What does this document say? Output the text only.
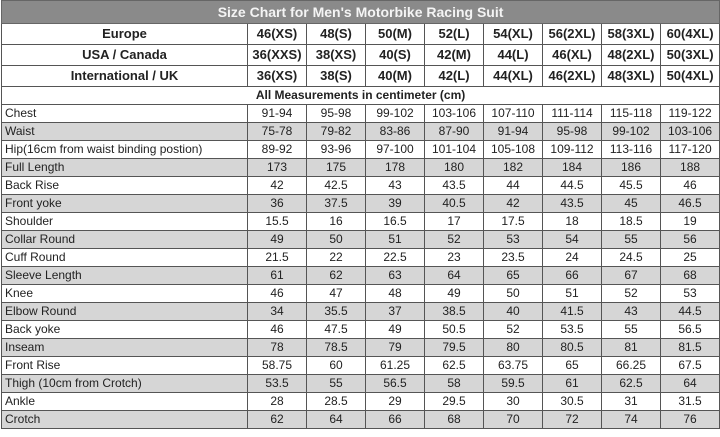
Size Chart for Men's Motorbike Racing Suit								
Europe	46(XS)	48(S)	50(M)	52(L)	54(XL)	56(2XL)	58(3XL)	60(4XL)
USA / Canada	36(XXS)	38(XS)	40(S)	42(M)	44(L)	46(XL)	48(2XL)	50(3XL)
International / UK	36(XS)	38(S)	40(M)	42(L)	44(XL)	46(2XL)	48(3XL)	50(4XL)
All Measurements in centimeter (cm)								
Chest	91-94	95-98	99-102	103-106	107-110	111-114	115-118	119-122
Waist	75-78	79-82	83-86	87-90	91-94	95-98	99-102	103-106
Hip(16cm from waist binding postion)	89-92	93-96	97-100	101-104	105-108	109-112	113-116	117-120
Full Length	173	175	178	180	182	184	186	188
Back Rise	42	42.5	43	43.5	44	44.5	45.5	46
Front yoke	36	37.5	39	40.5	42	43.5	45	46.5
Shoulder	15.5	16	16.5	17	17.5	18	18.5	19
Collar Round	49	50	51	52	53	54	55	56
Cuff Round	21.5	22	22.5	23	23.5	24	24.5	25
Sleeve Length	61	62	63	64	65	66	67	68
Knee	46	47	48	49	50	51	52	53
Elbow Round	34	35.5	37	38.5	40	41.5	43	44.5
Back yoke	46	47.5	49	50.5	52	53.5	55	56.5
Inseam	78	78.5	79	79.5	80	80.5	81	81.5
Front Rise	58.75	60	61.25	62.5	63.75	65	66.25	67.5
Thigh (10cm from Crotch)	53.5	55	56.5	58	59.5	61	62.5	64
Ankle	28	28.5	29	29.5	30	30.5	31	31.5
Crotch	62	64	66	68	70	72	74	76
